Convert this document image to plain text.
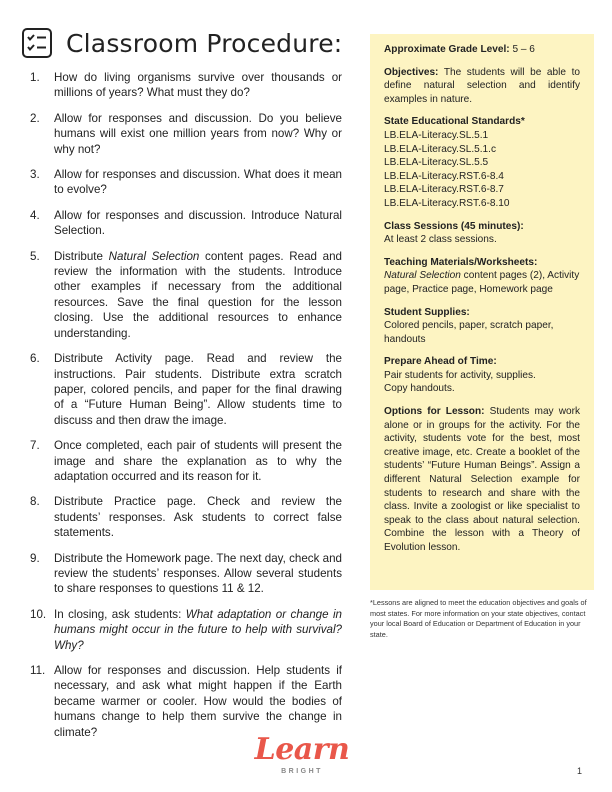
Classroom Procedure:
1.	How do living organisms survive over thousands or millions of years? What must they do?
2.	Allow for responses and discussion. Do you believe humans will exist one million years from now? Why or why not?
3.	Allow for responses and discussion. What does it mean to evolve?
4.	Allow for responses and discussion. Introduce Natural Selection.
5.	Distribute Natural Selection content pages. Read and review the information with the students. Introduce other examples if necessary from the additional resources. Save the final question for the lesson closing. Use the additional resources to enhance understanding.
6.	Distribute Activity page. Read and review the instructions. Pair students. Distribute extra scratch paper, colored pencils, and paper for the final drawing of a “Future Human Being”. Allow students time to discuss and then draw the image.
7.	Once completed, each pair of students will present the image and share the explanation as to why the adaptation occurred and its reason for it.
8.	Distribute Practice page. Check and review the students’ responses. Ask students to correct false statements.
9.	Distribute the Homework page. The next day, check and review the students’ responses. Allow several students to share responses to questions 11 & 12.
10. In closing, ask students: What adaptation or change in humans might occur in the future to help with survival? Why?
11. Allow for responses and discussion. Help students if necessary, and ask what might happen if the Earth became warmer or cooler. How would the bodies of humans change to help them survive the change in climate?
Approximate Grade Level: 5 – 6
Objectives: The students will be able to define natural selection and identify examples in nature.
State Educational Standards*
LB.ELA-Literacy.SL.5.1
LB.ELA-Literacy.SL.5.1.c
LB.ELA-Literacy.SL.5.5
LB.ELA-Literacy.RST.6-8.4
LB.ELA-Literacy.RST.6-8.7
LB.ELA-Literacy.RST.6-8.10
Class Sessions (45 minutes):
At least 2 class sessions.
Teaching Materials/Worksheets:
Natural Selection content pages (2), Activity page, Practice page, Homework page
Student Supplies:
Colored pencils, paper, scratch paper, handouts
Prepare Ahead of Time:
Pair students for activity, supplies.
Copy handouts.
Options for Lesson: Students may work alone or in groups for the activity. For the activity, students vote for the best, most creative image, etc. Create a booklet of the students’ “Future Human Beings”. Assign a different Natural Selection example for students to research and share with the class. Invite a zoologist or like specialist to speak to the class about natural selection. Combine the lesson with a Theory of Evolution lesson.
*Lessons are aligned to meet the education objectives and goals of most states. For more information on your state objectives, contact your local Board of Education or Department of Education in your state.
Learn
BRIGHT	1
